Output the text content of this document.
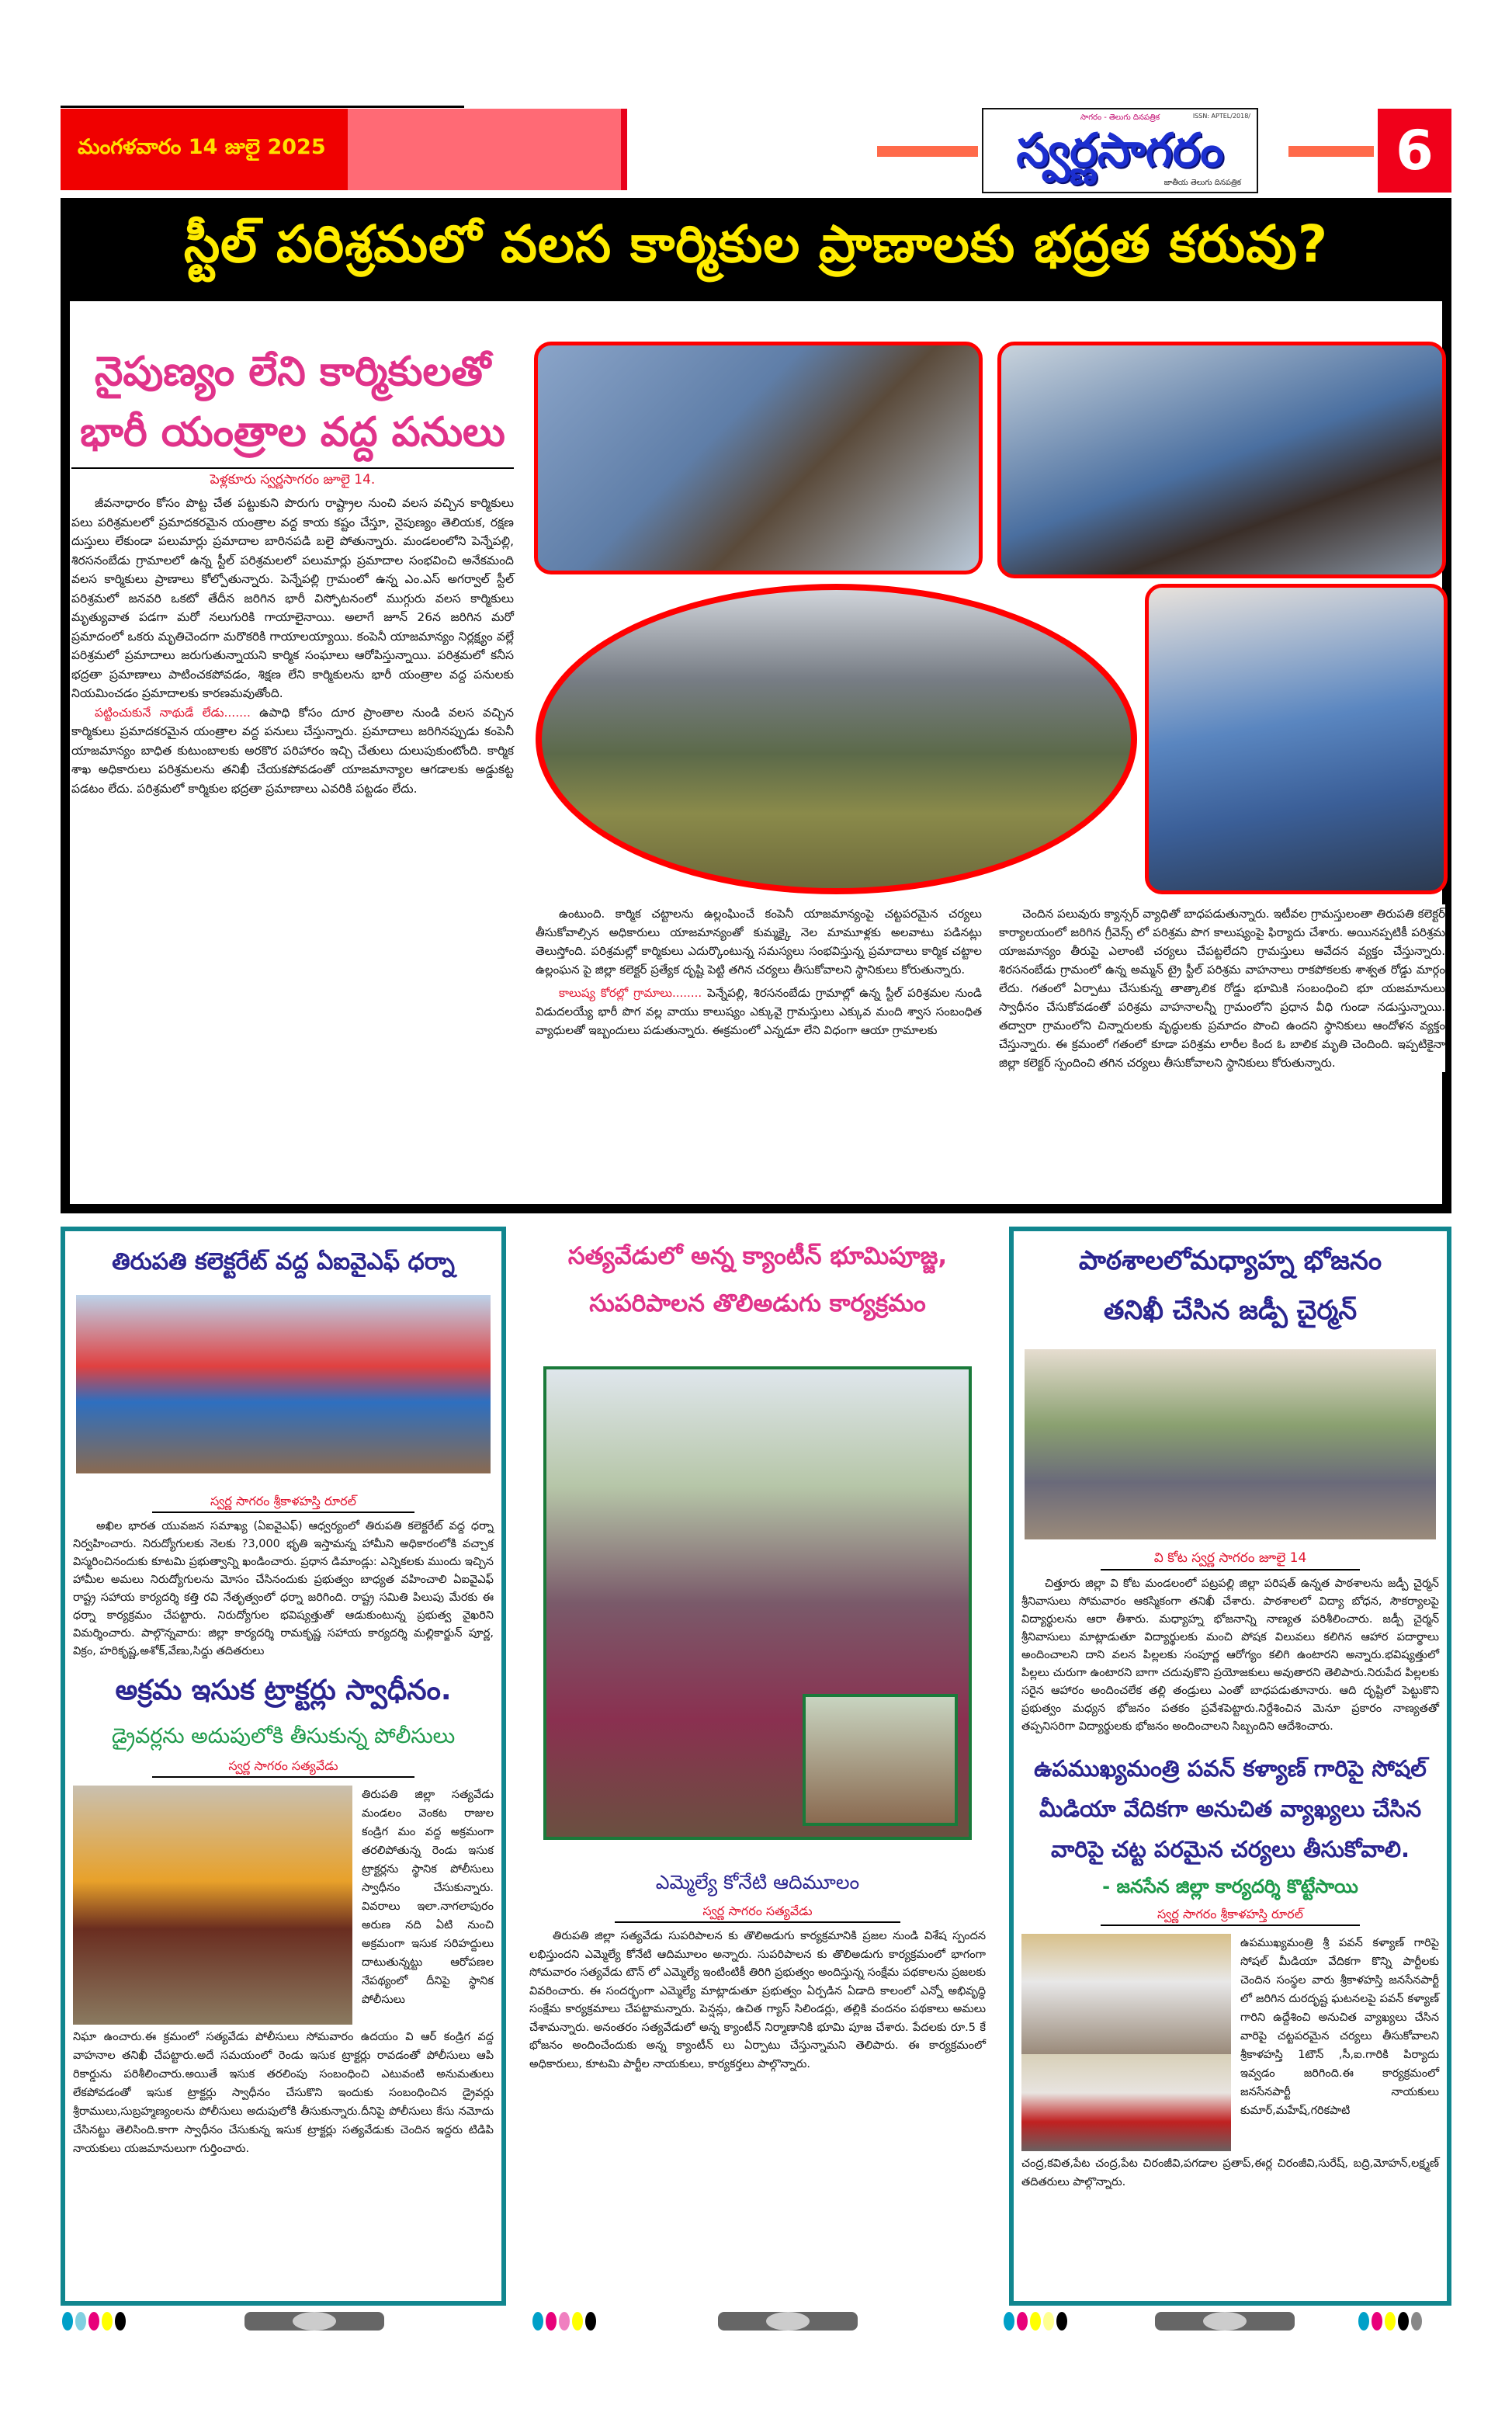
మంగళవారం 14 జులై 2025
ISSN: APTEL/2018/
సాగరం - తెలుగు దినపత్రిక
స్వర్ణసాగరం
జాతీయ తెలుగు దినపత్రిక
6
స్టీల్ పరిశ్రమలో వలస కార్మికుల ప్రాణాలకు భద్రత కరువు?
నైపుణ్యం లేని కార్మికులతో
భారీ యంత్రాల వద్ద పనులు
పెళ్లకూరు స్వర్ణసాగరం జూలై 14.

జీవనాధారం కోసం పొట్ట చేత పట్టుకుని పొరుగు రాష్ట్రాల నుంచి వలస వచ్చిన కార్మికులు పలు పరిశ్రమలలో ప్రమాదకరమైన యంత్రాల వద్ద కాయ కష్టం చేస్తూ, నైపుణ్యం తెలియక, రక్షణ దుస్తులు లేకుండా పలుమార్లు ప్రమాదాల బారినపడి బలై పోతున్నారు. మండలంలోని పెన్నేపల్లి, శిరసనంబేడు గ్రామాలలో ఉన్న స్టీల్ పరిశ్రమలలో పలుమార్లు ప్రమాదాల సంభవించి అనేకమంది వలస కార్మికులు ప్రాణాలు కోల్పోతున్నారు. పెన్నేపల్లి గ్రామంలో ఉన్న ఎం.ఎస్ అగర్వాల్ స్టీల్ పరిశ్రమలో జనవరి ఒకటో తేదీన జరిగిన భారీ విస్ఫోటనంలో ముగ్గురు వలస కార్మికులు మృత్యువాత పడగా మరో నలుగురికి గాయాలైనాయి. అలాగే జూన్ 26న జరిగిన మరో ప్రమాదంలో ఒకరు మృతిచెందగా మరొకరికి గాయాలయ్యాయి. కంపెనీ యాజమాన్యం నిర్లక్ష్యం వల్లే పరిశ్రమలో ప్రమాదాలు జరుగుతున్నాయని కార్మిక సంఘాలు ఆరోపిస్తున్నాయి. పరిశ్రమలో కనీస భద్రతా ప్రమాణాలు పాటించకపోవడం, శిక్షణ లేని కార్మికులను భారీ యంత్రాల వద్ద పనులకు నియమించడం ప్రమాదాలకు కారణమవుతోంది.

పట్టించుకునే నాథుడే లేడు....... ఉపాధి కోసం దూర ప్రాంతాల నుండి వలస వచ్చిన కార్మికులు ప్రమాదకరమైన యంత్రాల వద్ద పనులు చేస్తున్నారు. ప్రమాదాలు జరిగినప్పుడు కంపెనీ యాజమాన్యం బాధిత కుటుంబాలకు అరకొర పరిహారం ఇచ్చి చేతులు దులుపుకుంటోంది. కార్మిక శాఖ అధికారులు పరిశ్రమలను తనిఖీ చేయకపోవడంతో యాజమాన్యాల ఆగడాలకు అడ్డుకట్ట పడటం లేదు. పరిశ్రమలో కార్మికుల భద్రతా ప్రమాణాలు ఎవరికి పట్టడం లేదు.

ఉంటుంది. కార్మిక చట్టాలను ఉల్లంఘించే కంపెనీ యాజమాన్యంపై చట్టపరమైన చర్యలు తీసుకోవాల్సిన అధికారులు యాజమాన్యంతో కుమ్మక్కై నెల మామూళ్లకు అలవాటు పడినట్లు తెలుస్తోంది. పరిశ్రమల్లో కార్మికులు ఎదుర్కొంటున్న సమస్యలు సంభవిస్తున్న ప్రమాదాలు కార్మిక చట్టాల ఉల్లంఘన పై జిల్లా కలెక్టర్ ప్రత్యేక దృష్టి పెట్టి తగిన చర్యలు తీసుకోవాలని స్థానికులు కోరుతున్నారు.

కాలుష్య కోరల్లో గ్రామాలు........ పెన్నేపల్లి, శిరసనంబేడు గ్రామాల్లో ఉన్న స్టీల్ పరిశ్రమల నుండి విడుదలయ్యే భారీ పొగ వల్ల వాయు కాలుష్యం ఎక్కువై గ్రామస్తులు ఎక్కువ మంది శ్వాస సంబంధిత వ్యాధులతో ఇబ్బందులు పడుతున్నారు. ఈక్రమంలో ఎన్నడూ లేని విధంగా ఆయా గ్రామాలకు

చెందిన పలువురు క్యాన్సర్ వ్యాధితో బాధపడుతున్నారు. ఇటీవల గ్రామస్తులంతా తిరుపతి కలెక్టర్ కార్యాలయంలో జరిగిన గ్రీవెన్స్ లో పరిశ్రమ పొగ కాలుష్యంపై ఫిర్యాదు చేశారు. అయినప్పటికీ పరిశ్రమ యాజమాన్యం తీరుపై ఎలాంటి చర్యలు చేపట్టలేదని గ్రామస్తులు ఆవేదన వ్యక్తం చేస్తున్నారు. శిరసనంబేడు గ్రామంలో ఉన్న అమ్మన్ ట్రై స్టీల్ పరిశ్రమ వాహనాలు రాకపోకలకు శాశ్వత రోడ్డు మార్గం లేదు. గతంలో ఏర్పాటు చేసుకున్న తాత్కాలిక రోడ్డు భూమికి సంబంధించి భూ యజమానులు స్వాధీనం చేసుకోవడంతో పరిశ్రమ వాహనాలన్నీ గ్రామంలోని ప్రధాన వీధి గుండా నడుస్తున్నాయి. తద్వారా గ్రామంలోని చిన్నారులకు వృద్ధులకు ప్రమాదం పొంచి ఉందని స్థానికులు ఆందోళన వ్యక్తం చేస్తున్నారు. ఈ క్రమంలో గతంలో కూడా పరిశ్రమ లారీల కింద ఓ బాలిక మృతి చెందింది. ఇప్పటికైనా జిల్లా కలెక్టర్ స్పందించి తగిన చర్యలు తీసుకోవాలని స్థానికులు కోరుతున్నారు.

తిరుపతి కలెక్టరేట్ వద్ద ఏఐవైఎఫ్ ధర్నా
స్వర్ణ సాగరం శ్రీకాళహస్తి రూరల్

అఖిల భారత యువజన సమాఖ్య (ఏఐవైఎఫ్) ఆధ్వర్యంలో తిరుపతి కలెక్టరేట్ వద్ద ధర్నా నిర్వహించారు. నిరుద్యోగులకు నెలకు ?3,000 భృతి ఇస్తామన్న హామీని అధికారంలోకి వచ్చాక విస్మరించినందుకు కూటమి ప్రభుత్వాన్ని ఖండించారు. ప్రధాన డిమాండ్లు: ఎన్నికలకు ముందు ఇచ్చిన హామీల అమలు నిరుద్యోగులను మోసం చేసినందుకు ప్రభుత్వం బాధ్యత వహించాలి ఏఐవైఎఫ్ రాష్ట్ర సహాయ కార్యదర్శి కత్తి రవి నేతృత్వంలో ధర్నా జరిగింది. రాష్ట్ర సమితి పిలుపు మేరకు ఈ ధర్నా కార్యక్రమం చేపట్టారు. నిరుద్యోగుల భవిష్యత్తుతో ఆడుకుంటున్న ప్రభుత్వ వైఖరిని విమర్శించారు. పాల్గొన్నవారు: జిల్లా కార్యదర్శి రామకృష్ణ సహాయ కార్యదర్శి మల్లికార్జున్ పూర్ణ, విక్రం, హరికృష్ణ,అశోక్,వేణు,సిద్దు తదితరులు

అక్రమ ఇసుక ట్రాక్టర్లు స్వాధీనం.
డ్రైవర్లను అదుపులోకి తీసుకున్న పోలీసులు
స్వర్ణ సాగరం సత్యవేడు

తిరుపతి జిల్లా సత్యవేడు మండలం వెంకట రాజుల కండ్రిగ మం వద్ద అక్రమంగా తరలిపోతున్న రెండు ఇసుక ట్రాక్టర్లను స్థానిక పోలీసులు స్వాధీనం చేసుకున్నారు. వివరాలు ఇలా.నాగలాపురం అరుణ నది ఏటి నుంచి అక్రమంగా ఇసుక సరిహద్దులు దాటుతున్నట్టు ఆరోపణల నేపథ్యంలో దీనిపై స్థానిక పోలీసులు

నిఘా ఉంచారు.ఈ క్రమంలో సత్యవేడు పోలీసులు సోమవారం ఉదయం వి ఆర్ కండ్రిగ వద్ద వాహనాల తనిఖీ చేపట్టారు.అదే సమయంలో రెండు ఇసుక ట్రాక్టర్లు రావడంతో పోలీసులు ఆపి రికార్డును పరిశీలించారు.అయితే ఇసుక తరలింపు సంబంధించి ఎటువంటి అనుమతులు లేకపోవడంతో ఇసుక ట్రాక్టర్లు స్వాధీనం చేసుకొని ఇందుకు సంబంధించిన డ్రైవర్లు శ్రీరాములు,సుబ్రహ్మణ్యంలను పోలీసులు అదుపులోకి తీసుకున్నారు.దీనిపై పోలీసులు కేసు నమోదు చేసినట్టు తెలిసింది.కాగా స్వాధీనం చేసుకున్న ఇసుక ట్రాక్టర్లు సత్యవేడుకు చెందిన ఇద్దరు టిడిపి నాయకులు యజమానులుగా గుర్తించారు.

సత్యవేడులో అన్న క్యాంటీన్ భూమిపూజ్జ,
సుపరిపాలన తొలిఅడుగు కార్యక్రమం
ఎమ్మెల్యే కోనేటి ఆదిమూలం
స్వర్ణ సాగరం సత్యవేడు

తిరుపతి జిల్లా సత్యవేడు సుపరిపాలన కు తొలిఅడుగు కార్యక్రమానికి ప్రజల నుండి విశేష స్పందన లభిస్తుందని ఎమ్మెల్యే కోనేటి ఆదిమూలం అన్నారు. సుపరిపాలన కు తొలిఅడుగు కార్యక్రమంలో భాగంగా సోమవారం సత్యవేడు టౌన్ లో ఎమ్మెల్యే ఇంటింటికీ తిరిగి ప్రభుత్వం అందిస్తున్న సంక్షేమ పథకాలను ప్రజలకు వివరించారు. ఈ సందర్భంగా ఎమ్మెల్యే మాట్లాడుతూ ప్రభుత్వం ఏర్పడిన ఏడాది కాలంలో ఎన్నో అభివృద్ధి సంక్షేమ కార్యక్రమాలు చేపట్టామన్నారు. పెన్షన్లు, ఉచిత గ్యాస్ సిలిండర్లు, తల్లికి వందనం పథకాలు అమలు చేశామన్నారు. అనంతరం సత్యవేడులో అన్న క్యాంటీన్ నిర్మాణానికి భూమి పూజ చేశారు. పేదలకు రూ.5 కే భోజనం అందించేందుకు అన్న క్యాంటీన్ లు ఏర్పాటు చేస్తున్నామని తెలిపారు. ఈ కార్యక్రమంలో అధికారులు, కూటమి పార్టీల నాయకులు, కార్యకర్తలు పాల్గొన్నారు.

పాఠశాలలోమధ్యాహ్న భోజనం
తనిఖీ చేసిన జడ్పీ చైర్మన్
వి కోట స్వర్ణ సాగరం జూలై 14

చిత్తూరు జిల్లా వి కోట మండలంలో పట్రపల్లి జిల్లా పరిషత్ ఉన్నత పాఠశాలను జడ్పీ చైర్మన్ శ్రీనివాసులు సోమవారం ఆకస్మికంగా తనిఖీ చేశారు. పాఠశాలలో విద్యా బోధన, సౌకర్యాలపై విద్యార్థులను ఆరా తీశారు. మధ్యాహ్న భోజనాన్ని నాణ్యత పరిశీలించారు. జడ్పీ చైర్మన్ శ్రీనివాసులు మాట్లాడుతూ విద్యార్థులకు మంచి పోషక విలువలు కలిగిన ఆహార పదార్థాలు అందించాలని దాని వలన పిల్లలకు సంపూర్ణ ఆరోగ్యం కలిగి ఉంటారని అన్నారు.భవిష్యత్తులో పిల్లలు చురుగా ఉంటారని బాగా చదువుకొని ప్రయోజకులు అవుతారని తెలిపారు.నిరుపేద పిల్లలకు సరైన ఆహారం అందించలేక తల్లి తండ్రులు ఎంతో బాధపడుతూనారు. ఆది దృష్టిలో పెట్టుకొని ప్రభుత్వం మధ్యన భోజనం పతకం ప్రవేశపెట్టారు.నిర్దేశించిన మెనూ ప్రకారం నాణ్యతతో తప్పనిసరిగా విద్యార్థులకు భోజనం అందించాలని సిబ్బందిని ఆదేశించారు.

ఉపముఖ్యమంత్రి పవన్ కళ్యాణ్ గారిపై సోషల్ మీడియా వేదికగా అనుచిత వ్యాఖ్యలు చేసిన వారిపై చట్ట పరమైన చర్యలు తీసుకోవాలి.
- జనసేన జిల్లా కార్యదర్శి కొట్టేసాయి
స్వర్ణ సాగరం శ్రీకాళహస్తి రూరల్

ఉపముఖ్యమంత్రి శ్రీ పవన్ కళ్యాణ్ గారిపై సోషల్ మీడియా వేదికగా కొన్ని పార్టీలకు చెందిన సంస్థల వారు శ్రీకాళహస్తి జనసేనపార్టీ లో జరిగిన దురదృష్ట ఘటనలపై పవన్ కళ్యాణ్ గారిని ఉద్దేశించి అనుచిత వ్యాఖ్యలు చేసిన వారిపై చట్టపరమైన చర్యలు తీసుకోవాలని శ్రీకాళహస్తి 1టౌన్ ,సీ,ఐ.గారికి పిర్యాదు ఇవ్వడం జరిగింది.ఈ కార్యక్రమంలో జనసేనపార్టీ నాయకులు కుమార్,మహేష్,గరికపాటి

చంద్ర,కవిత,పేట చంద్ర,పేట చిరంజీవి,పగడాల ప్రతాప్,ఈర్ల చిరంజీవి,సురేష్, బద్రి,మోహన్,లక్ష్మణ్ తదితరులు పాల్గొన్నారు.
